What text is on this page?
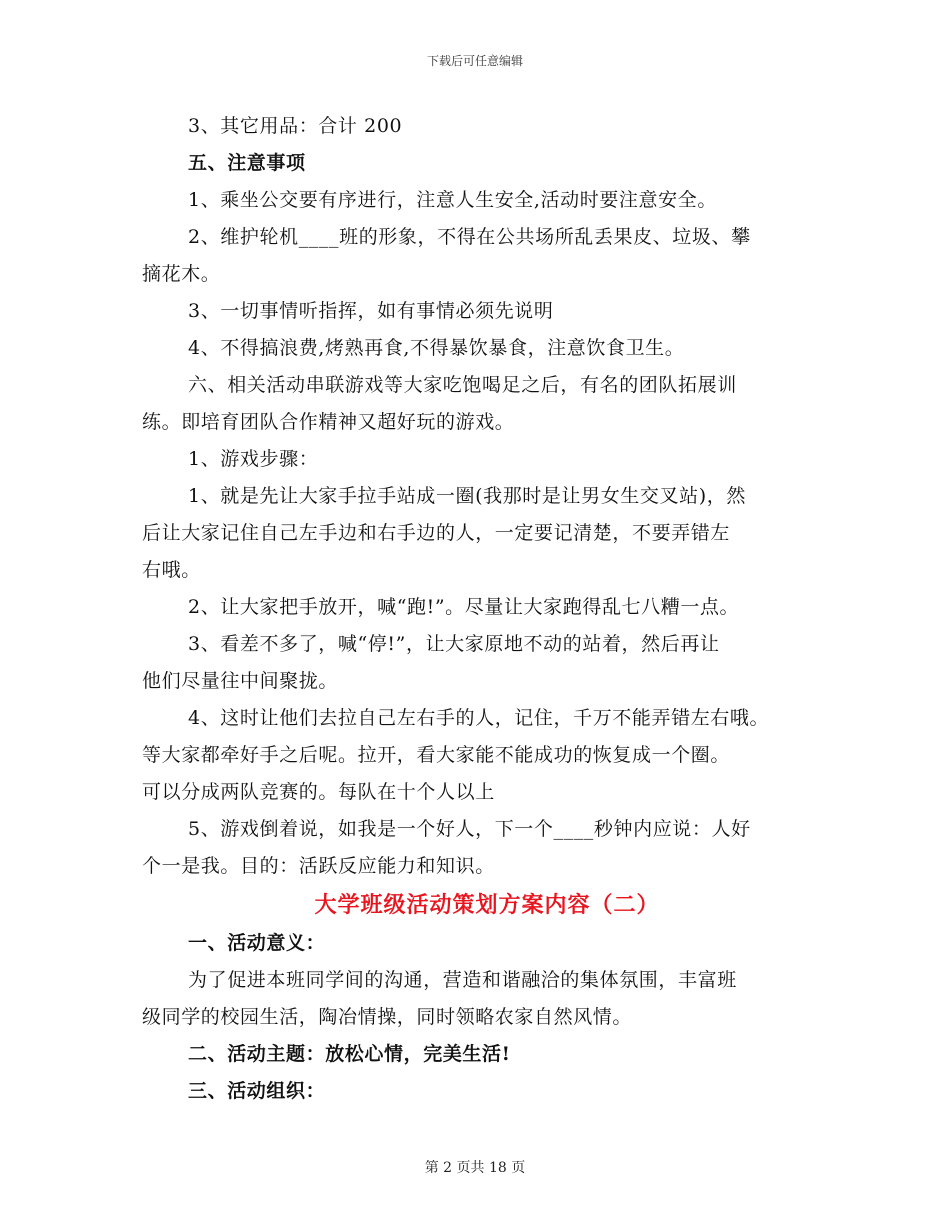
下载后可任意编辑

3、其它用品：合计 200

五、注意事项

1、乘坐公交要有序进行，注意人生安全,活动时要注意安全。

2、维护轮机____班的形象，不得在公共场所乱丢果皮、垃圾、攀

摘花木。

3、一切事情听指挥，如有事情必须先说明

4、不得搞浪费,烤熟再食,不得暴饮暴食，注意饮食卫生。

六、相关活动串联游戏等大家吃饱喝足之后，有名的团队拓展训

练。即培育团队合作精神又超好玩的游戏。

1、游戏步骤：

1、就是先让大家手拉手站成一圈(我那时是让男女生交叉站)，然

后让大家记住自己左手边和右手边的人，一定要记清楚，不要弄错左

右哦。

2、让大家把手放开，喊“跑!”。尽量让大家跑得乱七八糟一点。

3、看差不多了，喊“停!”，让大家原地不动的站着，然后再让

他们尽量往中间聚拢。

4、这时让他们去拉自己左右手的人，记住，千万不能弄错左右哦。

等大家都牵好手之后呢。拉开，看大家能不能成功的恢复成一个圈。

可以分成两队竞赛的。每队在十个人以上

5、游戏倒着说，如我是一个好人，下一个____秒钟内应说：人好

个一是我。目的：活跃反应能力和知识。

大学班级活动策划方案内容（二）

一、活动意义：

为了促进本班同学间的沟通，营造和谐融洽的集体氛围，丰富班

级同学的校园生活，陶冶情操，同时领略农家自然风情。

二、活动主题：放松心情，完美生活!

三、活动组织：

第 2 页共 18 页
